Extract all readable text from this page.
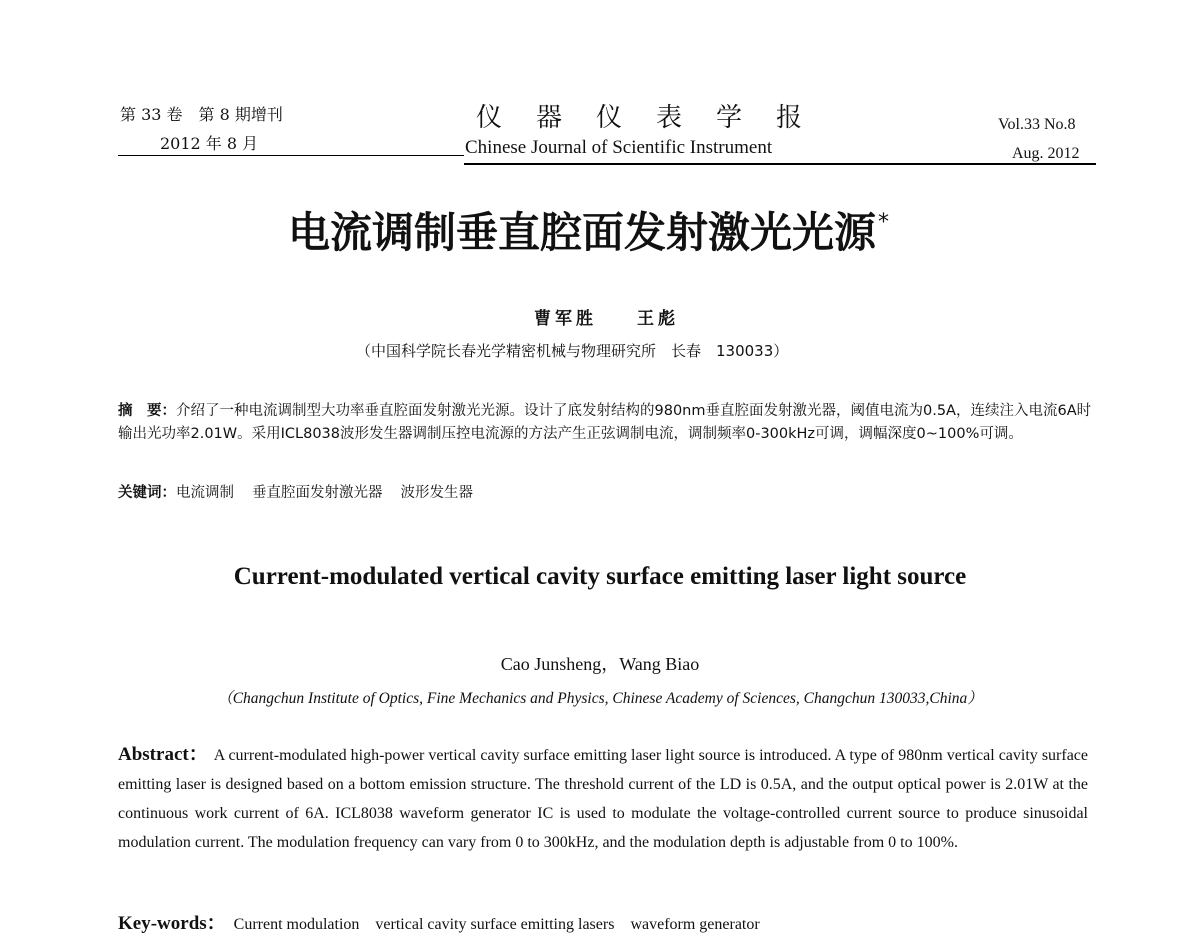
第 33 卷　第 8 期增刊
2012 年 8 月
仪器仪表学报
Chinese Journal of Scientific Instrument
Vol.33 No.8
Aug. 2012
电流调制垂直腔面发射激光光源*
曹军胜 王彪
（中国科学院长春光学精密机械与物理研究所　长春　130033）
摘　要：介绍了一种电流调制型大功率垂直腔面发射激光光源。设计了底发射结构的980nm垂直腔面发射激光器，阈值电流为0.5A，连续注入电流6A时输出光功率2.01W。采用ICL8038波形发生器调制压控电流源的方法产生正弦调制电流，调制频率0-300kHz可调，调幅深度0~100%可调。
关键词：电流调制 垂直腔面发射激光器 波形发生器
Current-modulated vertical cavity surface emitting laser light source
Cao Junsheng，Wang Biao
（Changchun Institute of Optics, Fine Mechanics and Physics, Chinese Academy of Sciences, Changchun 130033,China）
Abstract： A current-modulated high-power vertical cavity surface emitting laser light source is introduced. A type of 980nm vertical cavity surface emitting laser is designed based on a bottom emission structure. The threshold current of the LD is 0.5A, and the output optical power is 2.01W at the continuous work current of 6A. ICL8038 waveform generator IC is used to modulate the voltage-controlled current source to produce sinusoidal modulation current. The modulation frequency can vary from 0 to 300kHz, and the modulation depth is adjustable from 0 to 100%.
Key-words： Current modulation vertical cavity surface emitting lasers waveform generator
